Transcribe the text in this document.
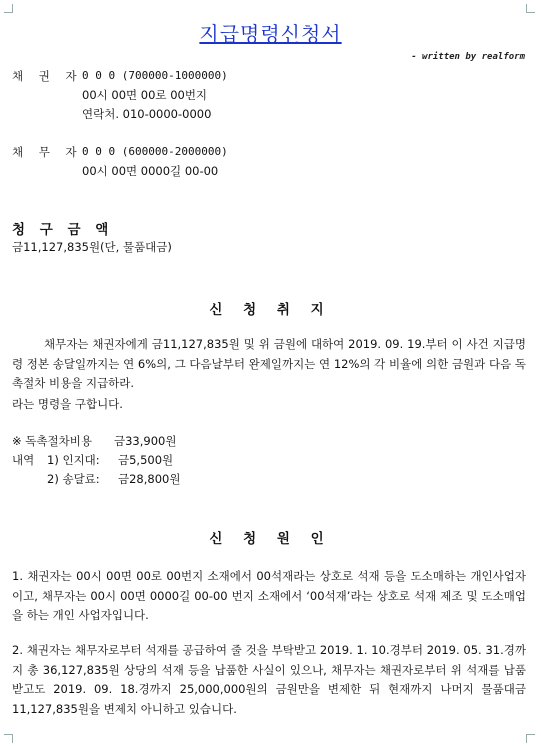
지급명령신청서
- written by realform
채 권 자 0 0 0 (700000-1000000)
00시 00면 00로 00번지
연락처. 010-0000-0000
채 무 자 0 0 0 (600000-2000000)
00시 00면 0000길 00-00
청 구 금 액
금11,127,835원(단, 물품대금)
신 청 취 지
채무자는 채권자에게 금11,127,835원 및 위 금원에 대하여 2019. 09. 19.부터 이 사건 지급명령 정본 송달일까지는 연 6%의, 그 다음날부터 완제일까지는 연 12%의 각 비율에 의한 금원과 다음 독촉절차 비용을 지급하라.
라는 명령을 구합니다.
※ 독촉절차비용 금33,900원
내역 1) 인지대: 금5,500원
2) 송달료: 금28,800원
신 청 원 인
1. 채권자는 00시 00면 00로 00번지 소재에서 00석재라는 상호로 석재 등을 도소매하는 개인사업자이고, 채무자는 00시 00면 0000길 00-00 번지 소재에서 ‘00석재’라는 상호로 석재 제조 및 도소매업을 하는 개인 사업자입니다.
2. 채권자는 채무자로부터 석재를 공급하여 줄 것을 부탁받고 2019. 1. 10.경부터 2019. 05. 31.경까지 총 36,127,835원 상당의 석재 등을 납품한 사실이 있으나, 채무자는 채권자로부터 위 석재를 납품받고도 2019. 09. 18.경까지 25,000,000원의 금원만을 변제한 뒤 현재까지 나머지 물품대금11,127,835원을 변제치 아니하고 있습니다.
